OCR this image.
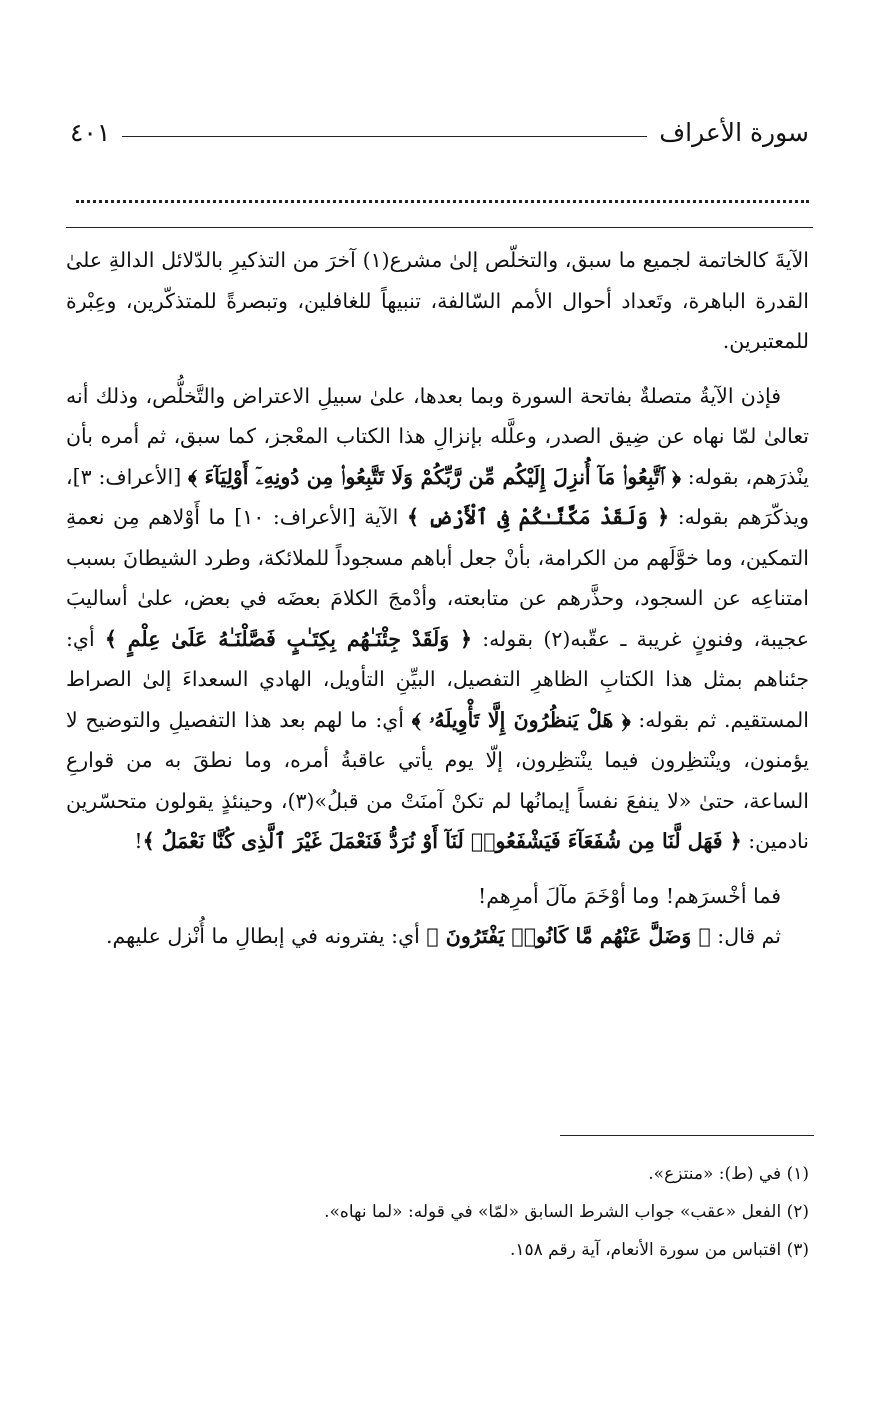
سورة الأعراف
٤٠١

الآيةَ كالخاتمة لجميع ما سبق، والتخلّص إلىٰ مشرع(١) آخرَ من التذكيرِ بالدّلائل الدالةِ علىٰ القدرة الباهرة، وتَعداد أحوال الأمم السّالفة، تنبيهاً للغافلين، وتبصرةً للمتذكّرين، وعِبْرة للمعتبرين.

فإذن الآيةُ متصلةٌ بفاتحة السورة وبما بعدها، علىٰ سبيلِ الاعتراض والتَّخلُّص، وذلك أنه تعالىٰ لمّا نهاه عن ضِيق الصدر، وعلَّله بإنزالِ هذا الكتاب المعْجز، كما سبق، ثم أمره بأن ينْذرَهم، بقوله: ﴿ ٱتَّبِعُوا۟ مَآ أُنزِلَ إِلَيْكُم مِّن رَّبِّكُمْ وَلَا تَتَّبِعُوا۟ مِن دُونِهِۦٓ أَوْلِيَآءَ ﴾ [الأعراف: ٣]، ويذكّرَهم بقوله: ﴿ وَلَقَدْ مَكَّنَّـٰكُمْ فِى ٱلْأَرْضِ ﴾ الآية [الأعراف: ١٠] ما أَوْلاهم مِن نعمةِ التمكين، وما خوَّلَهم من الكرامة، بأنْ جعل أباهم مسجوداً للملائكة، وطرد الشيطانَ بسبب امتناعِه عن السجود، وحذَّرهم عن متابعته، وأدْمجَ الكلامَ بعضَه في بعض، علىٰ أساليبَ عجيبة، وفنونٍ غريبة ـ عقّبه(٢) بقوله: ﴿ وَلَقَدْ جِئْنَـٰهُم بِكِتَـٰبٍ فَصَّلْنَـٰهُ عَلَىٰ عِلْمٍ ﴾ أي: جئناهم بمثل هذا الكتابِ الظاهرِ التفصيل، البيِّنِ التأويل، الهادي السعداءَ إلىٰ الصراط المستقيم. ثم بقوله: ﴿ هَلْ يَنظُرُونَ إِلَّا تَأْوِيلَهُۥ ﴾ أي: ما لهم بعد هذا التفصيلِ والتوضيح لا يؤمنون، وينْتظِرون فيما ينْتظِرون، إلّا يوم يأتي عاقبةُ أمره، وما نطقَ به من قوارعِ الساعة، حتىٰ «لا ينفعَ نفساً إيمانُها لم تكنْ آمنَتْ من قبلُ»(٣)، وحينئذٍ يقولون متحسّرين نادمين: ﴿ فَهَل لَّنَا مِن شُفَعَآءَ فَيَشْفَعُوا۟ لَنَآ أَوْ نُرَدُّ فَنَعْمَلَ غَيْرَ ٱلَّذِى كُنَّا نَعْمَلُ ﴾!

فما أخْسرَهم! وما أوْخَمَ مآلَ أمرِهم!

ثم قال: ﴿ وَضَلَّ عَنْهُم مَّا كَانُوا۟ يَفْتَرُونَ ﴾ أي: يفترونه في إبطالِ ما أُنْزل عليهم.

(١) في (ط): «منتزع».
(٢) الفعل «عقب» جواب الشرط السابق «لمّا» في قوله: «لما نهاه».
(٣) اقتباس من سورة الأنعام، آية رقم ١٥٨.
